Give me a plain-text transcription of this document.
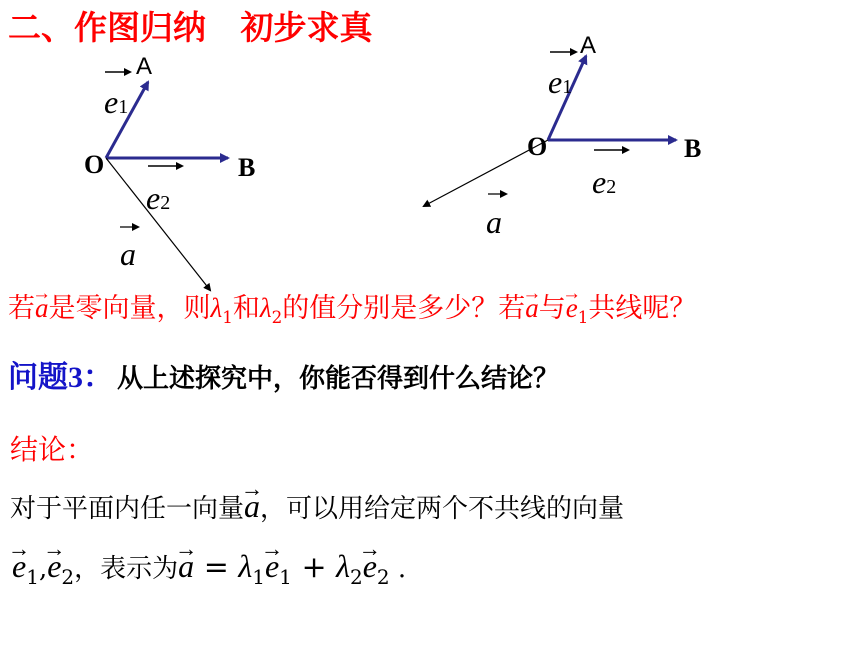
二、作图归纳   初步求真
A
O	B
e1
e2
a
A
O	B
e1
e2
a
若→ a是零向量，则$\lambda_1$和$\lambda_2$的值分别是多少？若→ a与→ $e_1$共线呢？
问题3： 从上述探究中，你能否得到什么结论？
结论：
对于平面内任一向量→ a，可以用给定两个不共线的向量
→ $e_1,\to e_2$，表示为→ $a = \lambda_1\to e_1 + \lambda_2\to e_2$ .
